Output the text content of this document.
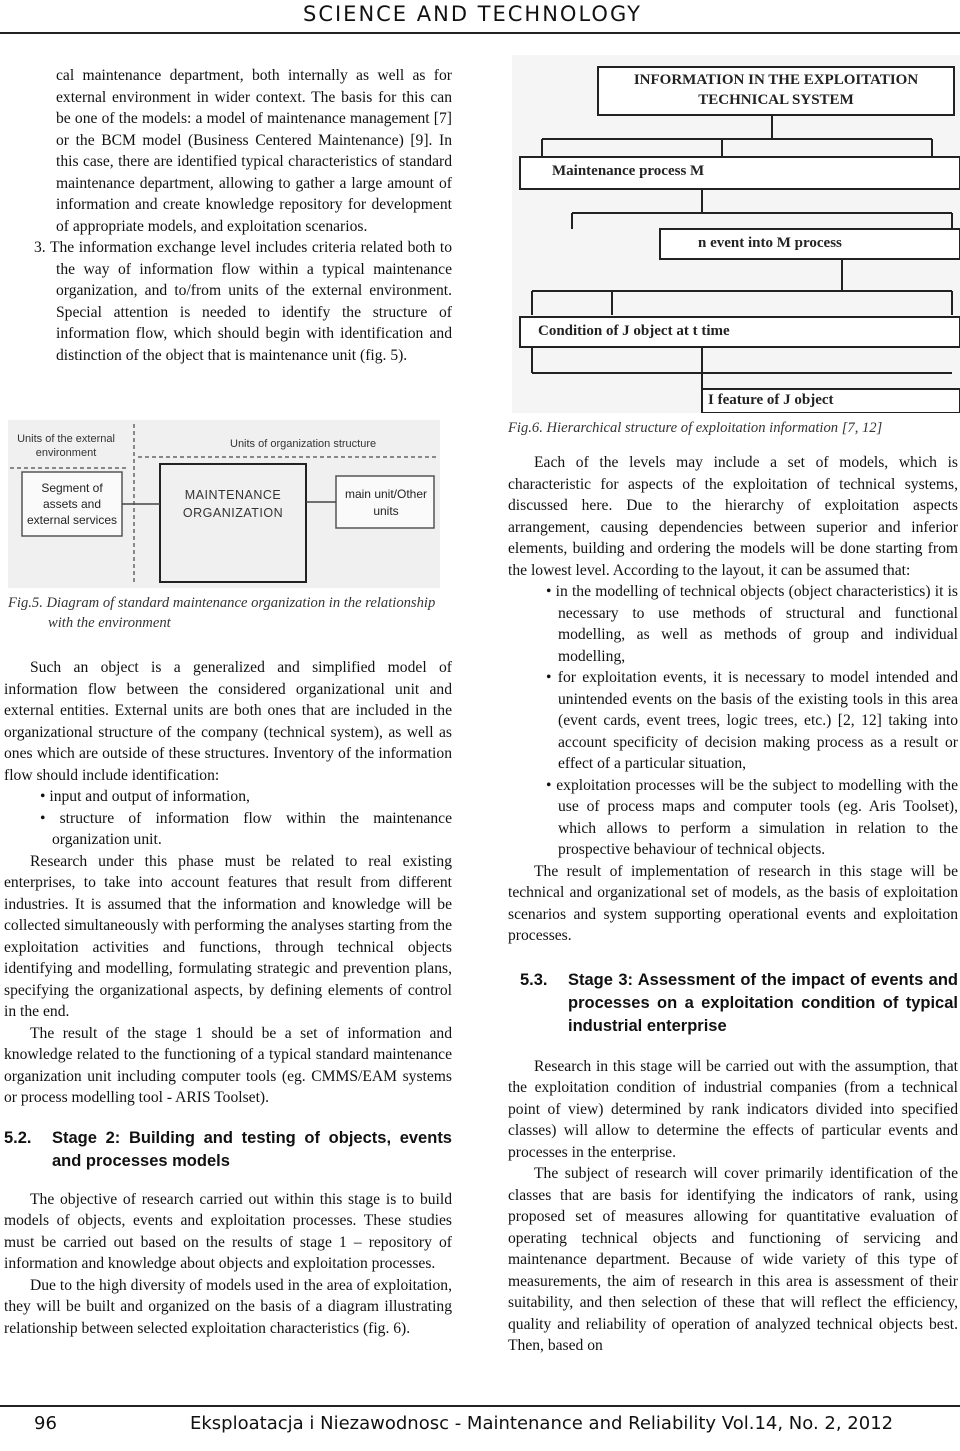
SCIENCE AND TECHNOLOGY

cal maintenance department, both internally as well as for external environment in wider context. The basis for this can be one of the models: a model of maintenance management [7] or the BCM model (Business Centered Maintenance) [9]. In this case, there are identified typical characteristics of standard maintenance department, allowing to gather a large amount of information and create knowledge repository for development of appropriate models, and exploitation scenarios.

3. The information exchange level includes criteria related both to the way of information flow within a typical maintenance organization, and to/from units of the external environment. Special attention is needed to identify the structure of information flow, which should begin with identification and distinction of the object that is maintenance unit (fig. 5).

Units of the external environment
Units of organization structure
Segment of assets and external services
MAINTENANCE
ORGANIZATION
main unit/Other units
Fig.5. Diagram of standard maintenance organization in the relationship with the environment

Such an object is a generalized and simplified model of information flow between the considered organizational unit and external entities. External units are both ones that are included in the organizational structure of the company (technical system), as well as ones which are outside of these structures. Inventory of the information flow should include identification:

• input and output of information,

• structure of information flow within the maintenance organization unit.

Research under this phase must be related to real existing enterprises, to take into account features that result from different industries. It is assumed that the information and knowledge will be collected simultaneously with performing the analyses starting from the exploitation activities and functions, through technical objects identifying and modelling, formulating strategic and prevention plans, specifying the organizational aspects, by defining elements of control in the end.

The result of the stage 1 should be a set of information and knowledge related to the functioning of a typical standard maintenance organization unit including computer tools (eg. CMMS/EAM systems or process modelling tool - ARIS Toolset).

5.2. Stage 2: Building and testing of objects, events and processes models

The objective of research carried out within this stage is to build models of objects, events and exploitation processes. These studies must be carried out based on the results of stage 1 – repository of information and knowledge about objects and exploitation processes.

Due to the high diversity of models used in the area of exploitation, they will be built and organized on the basis of a diagram illustrating relationship between selected exploitation characteristics (fig. 6).

INFORMATION IN THE EXPLOITATION
TECHNICAL SYSTEM
Maintenance process M
n event into M process
Condition of J object at t time
I feature of J object
Fig.6. Hierarchical structure of exploitation information [7, 12]

Each of the levels may include a set of models, which is characteristic for aspects of the exploitation of technical systems, discussed here. Due to the hierarchy of exploitation aspects arrangement, causing dependencies between superior and inferior elements, building and ordering the models will be done starting from the lowest level. According to the layout, it can be assumed that:

• in the modelling of technical objects (object characteristics) it is necessary to use methods of structural and functional modelling, as well as methods of group and individual modelling,

• for exploitation events, it is necessary to model intended and unintended events on the basis of the existing tools in this area (event cards, event trees, logic trees, etc.) [2, 12] taking into account specificity of decision making process as a result or effect of a particular situation,

• exploitation processes will be the subject to modelling with the use of process maps and computer tools (eg. Aris Toolset), which allows to perform a simulation in relation to the prospective behaviour of technical objects.

The result of implementation of research in this stage will be technical and organizational set of models, as the basis of exploitation scenarios and system supporting operational events and exploitation processes.

5.3. Stage 3: Assessment of the impact of events and processes on a exploitation condition of typical industrial enterprise

Research in this stage will be carried out with the assumption, that the exploitation condition of industrial companies (from a technical point of view) determined by rank indicators divided into specified classes) will allow to determine the effects of particular events and processes in the enterprise.

The subject of research will cover primarily identification of the classes that are basis for identifying the indicators of rank, using proposed set of measures allowing for quantitative evaluation of operating technical objects and functioning of servicing and maintenance department. Because of wide variety of this type of measurements, the aim of research in this area is assessment of their suitability, and then selection of these that will reflect the efficiency, quality and reliability of operation of analyzed technical objects best. Then, based on

96	Eksploatacja i Niezawodnosc - Maintenance and Reliability Vol.14, No. 2, 2012
